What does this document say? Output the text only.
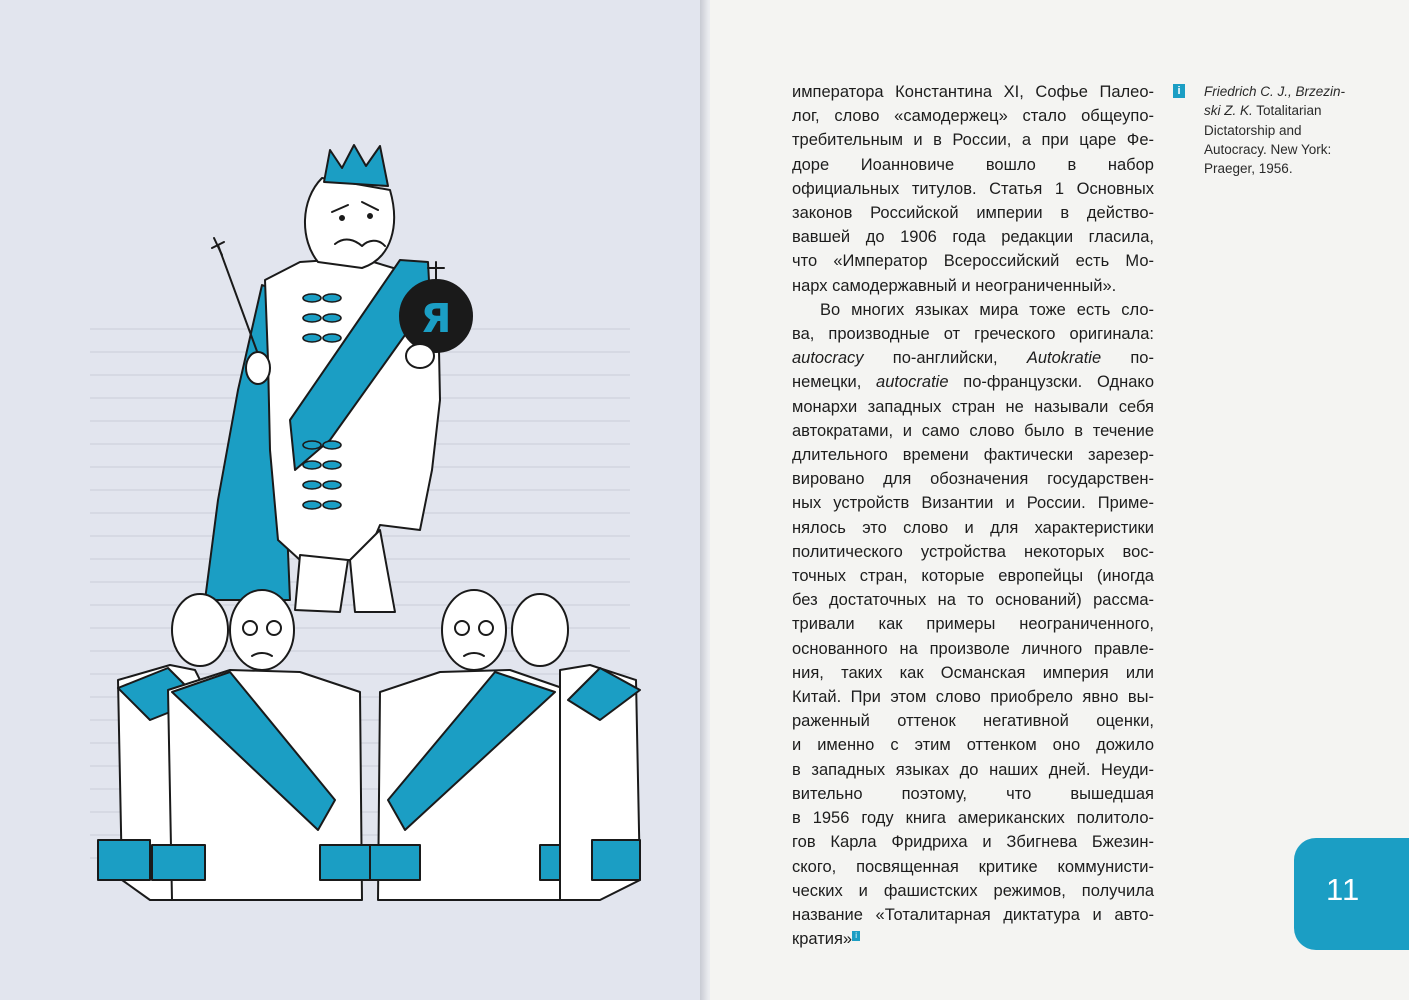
Я
императора Константина XI, Софье Палео-
лог, слово «самодержец» стало общеупо-
требительным и в России, а при царе Фе-
доре Иоанновиче вошло в набор
официальных титулов. Статья 1 Основных
законов Российской империи в действо-
вавшей до 1906 года редакции гласила,
что «Император Всероссийский есть Мо-
нарх самодержавный и неограниченный».
Во многих языках мира тоже есть сло-
ва, производные от греческого оригинала:
autocracy по-английски, Autokratie по-
немецки, autocratie по-французски. Однако
монархи западных стран не называли себя
автократами, и само слово было в течение
длительного времени фактически зарезер-
вировано для обозначения государствен-
ных устройств Византии и России. Приме-
нялось это слово и для характеристики
политического устройства некоторых вос-
точных стран, которые европейцы (иногда
без достаточных на то оснований) рассма-
тривали как примеры неограниченного,
основанного на произволе личного правле-
ния, таких как Османская империя или
Китай. При этом слово приобрело явно вы-
раженный оттенок негативной оценки,
и именно с этим оттенком оно дожило
в западных языках до наших дней. Неуди-
вительно поэтому, что вышедшая
в 1956 году книга американских политоло-
гов Карла Фридриха и Збигнева Бжезин-
ского, посвященная критике коммунисти-
ческих и фашистских режимов, получила
название «Тоталитарная диктатура и авто-
кратия» i
i	Friedrich C. J., Brzezin-
ski Z. K. Totalitarian
Dictatorship and
Autocracy. New York:
Praeger, 1956.
11
